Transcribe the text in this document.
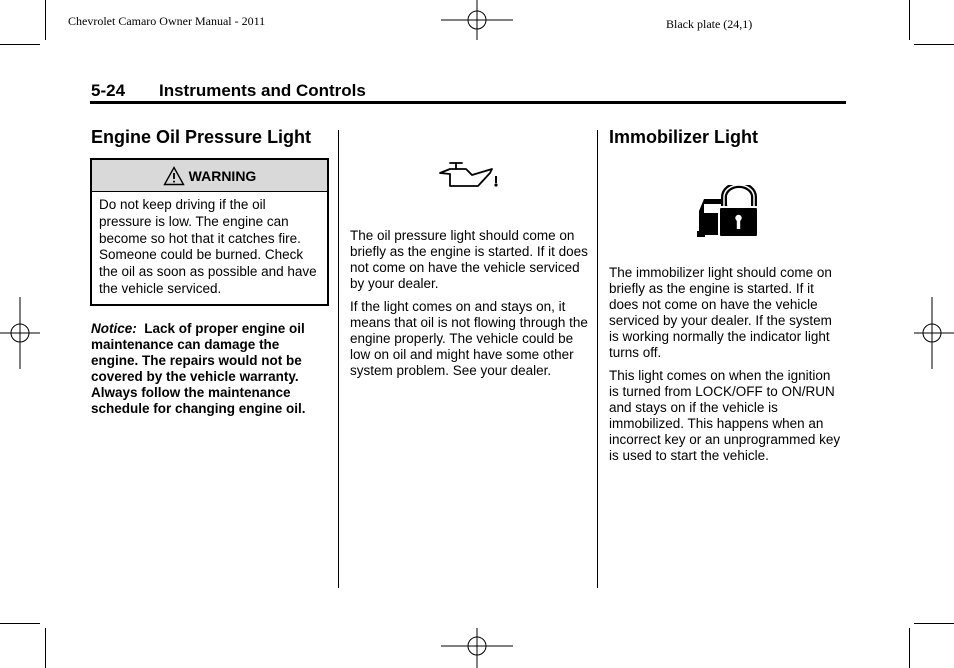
Chevrolet Camaro Owner Manual - 2011	Black plate (24,1)
5-24 Instruments and Controls
Engine Oil Pressure Light
WARNING
Do not keep driving if the oil pressure is low. The engine can become so hot that it catches fire. Someone could be burned. Check the oil as soon as possible and have the vehicle serviced.
Notice: Lack of proper engine oil maintenance can damage the engine. The repairs would not be covered by the vehicle warranty. Always follow the maintenance schedule for changing engine oil.
The oil pressure light should come on briefly as the engine is started. If it does not come on have the vehicle serviced by your dealer.
If the light comes on and stays on, it means that oil is not flowing through the engine properly. The vehicle could be low on oil and might have some other system problem. See your dealer.
Immobilizer Light
The immobilizer light should come on briefly as the engine is started. If it does not come on have the vehicle serviced by your dealer. If the system is working normally the indicator light turns off.
This light comes on when the ignition is turned from LOCK/OFF to ON/RUN and stays on if the vehicle is immobilized. This happens when an incorrect key or an unprogrammed key is used to start the vehicle.
